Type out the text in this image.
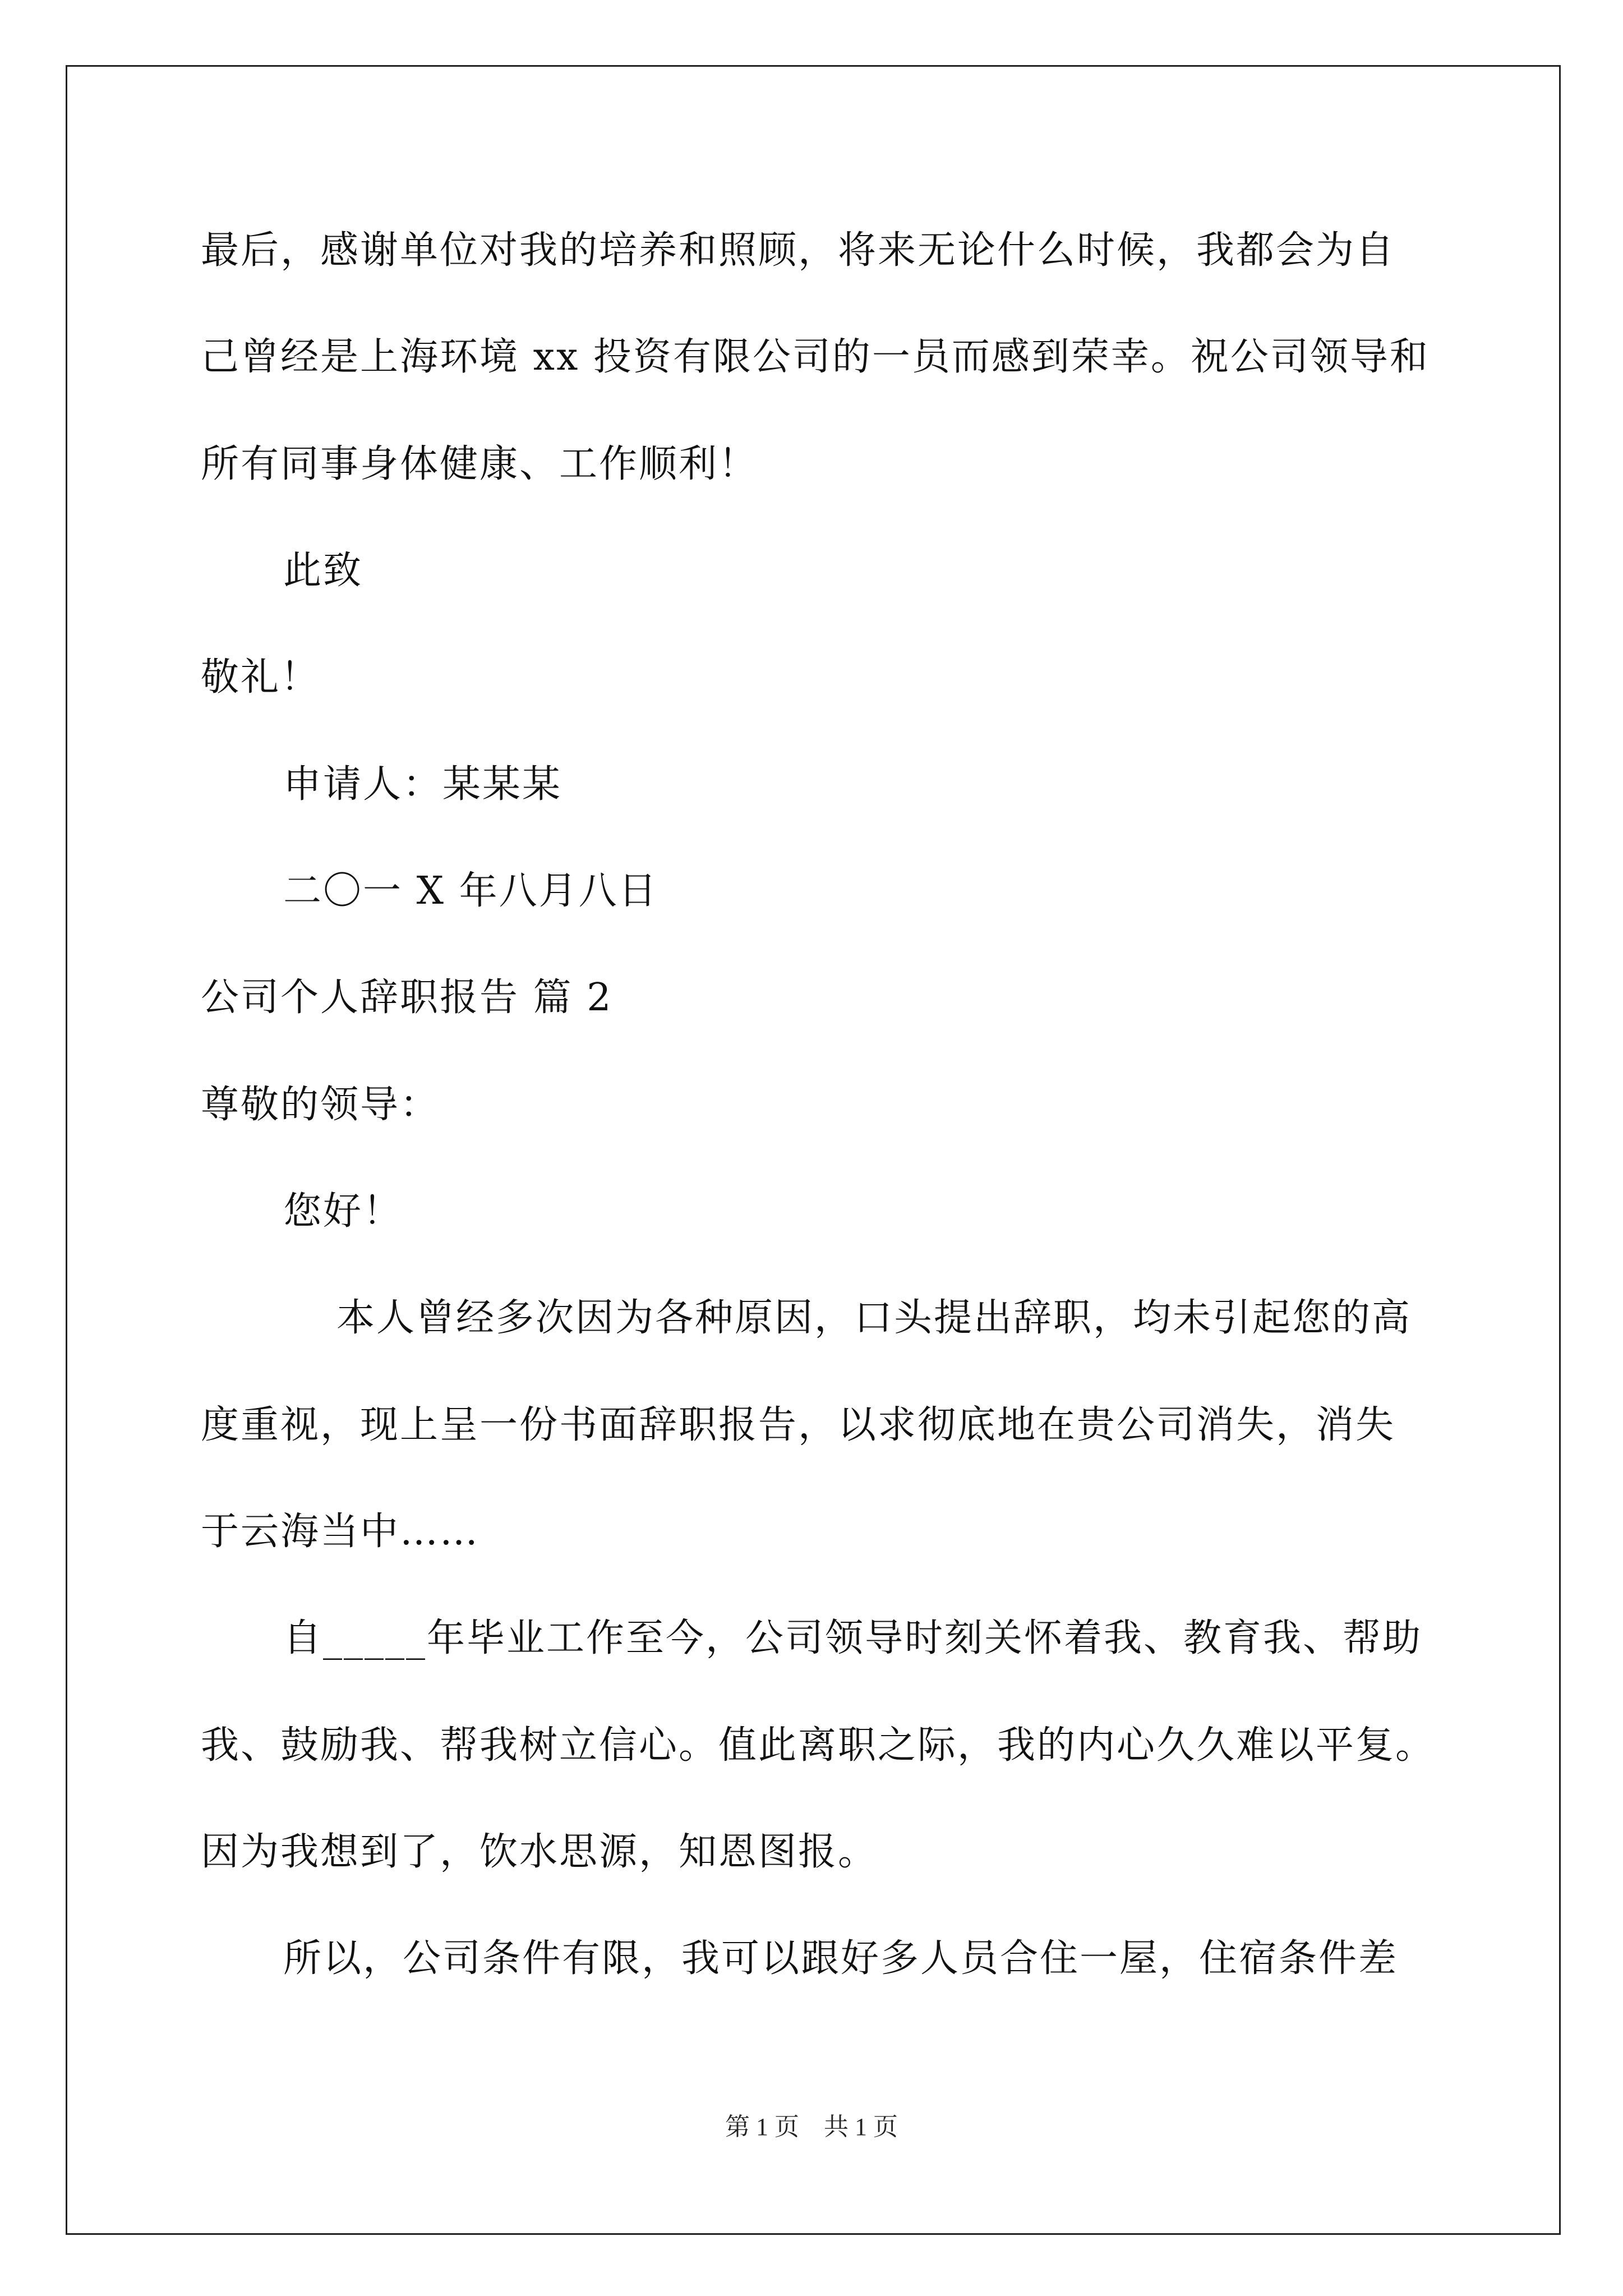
最后，感谢单位对我的培养和照顾，将来无论什么时候，我都会为自
己曾经是上海环境 xx 投资有限公司的一员而感到荣幸。祝公司领导和
所有同事身体健康、工作顺利！
此致
敬礼！
申请人：某某某
二〇一 X 年八月八日
公司个人辞职报告 篇 2
尊敬的领导：
您好！
本人曾经多次因为各种原因，口头提出辞职，均未引起您的高
度重视，现上呈一份书面辞职报告，以求彻底地在贵公司消失，消失
于云海当中……
自_____年毕业工作至今，公司领导时刻关怀着我、教育我、帮助
我、鼓励我、帮我树立信心。值此离职之际，我的内心久久难以平复。
因为我想到了，饮水思源，知恩图报。
所以，公司条件有限，我可以跟好多人员合住一屋，住宿条件差
第 1 页    共 1 页
